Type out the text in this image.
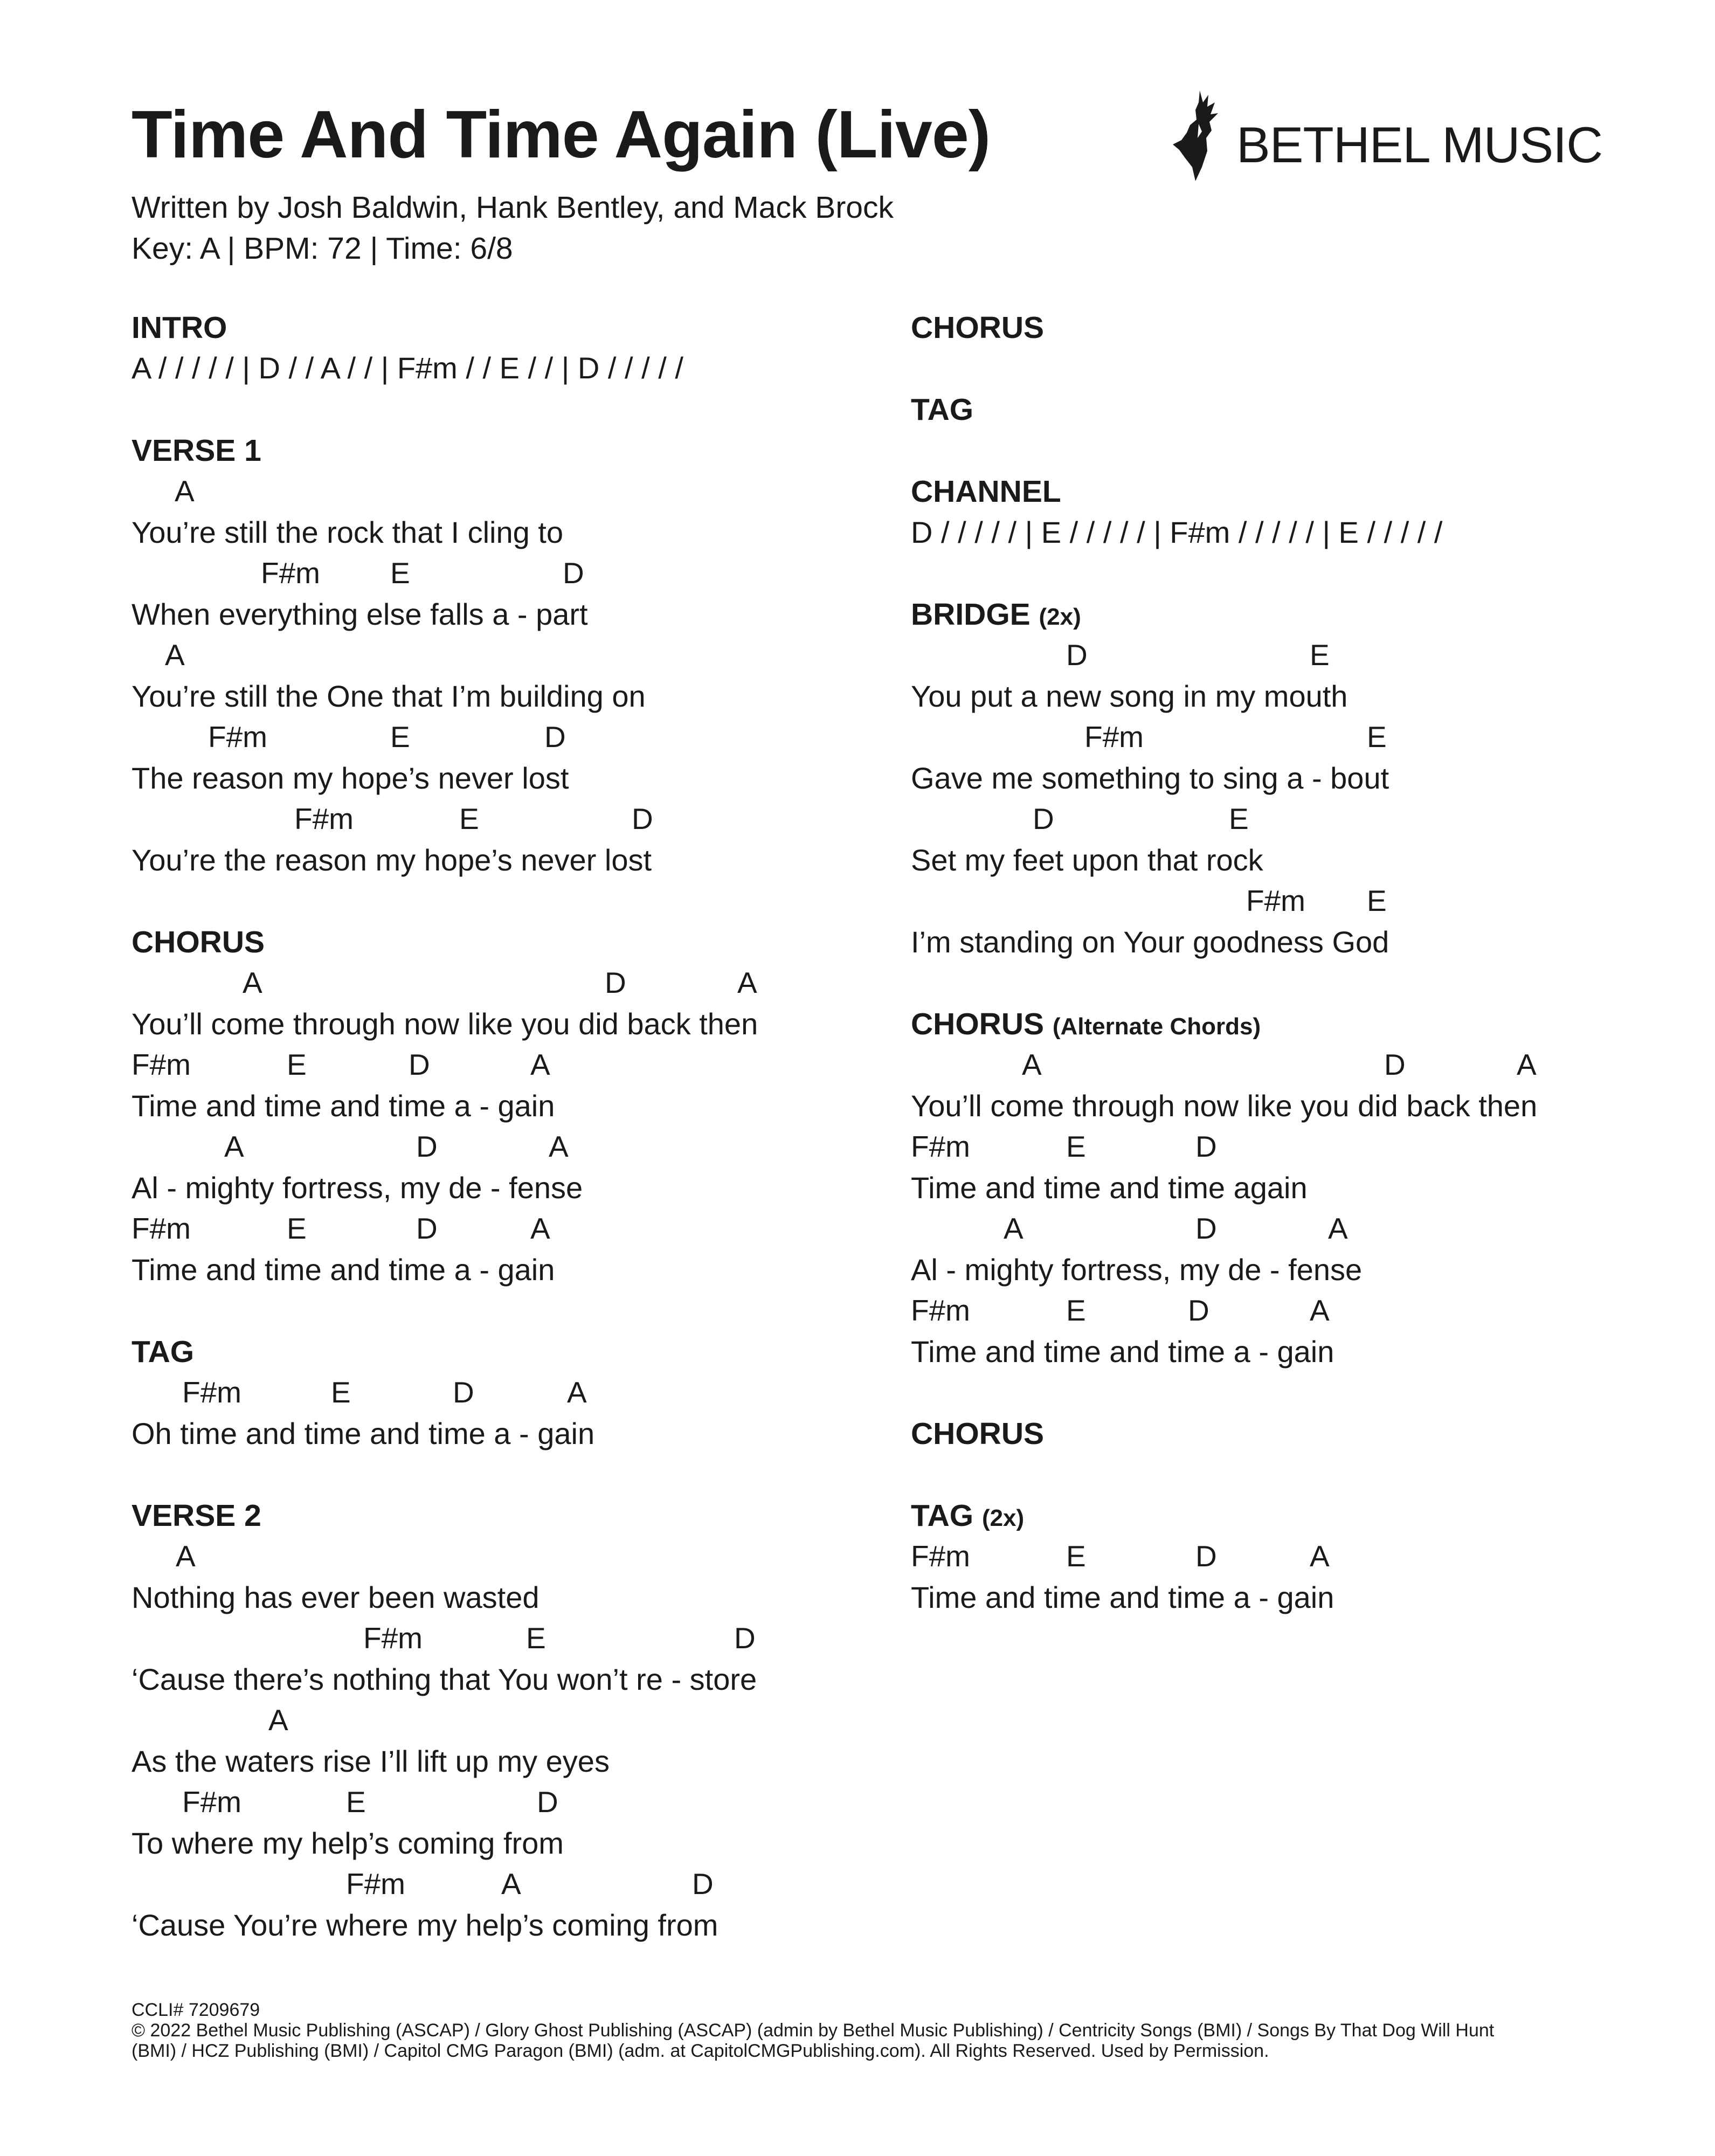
Time And Time Again (Live)
Written by Josh Baldwin, Hank Bentley, and Mack Brock
Key: A | BPM: 72 | Time: 6/8
BETHEL MUSIC
INTRO
A / / / / / | D / / A / / | F#m / / E / / | D / / / / /
VERSE 1
A
You’re still the rock that I cling to
F#m E	D
When everything else falls a - part
A
You’re still the One that I’m building on
F#m	E	D
The reason my hope’s never lost
F#m	E	D
You’re the reason my hope’s never lost
CHORUS
A	D	A
You’ll come through now like you did back then
F#m	E	D	A
Time and time and time a - gain
A	D	A
Al - mighty fortress, my de - fense
F#m	E	D	A
Time and time and time a - gain
TAG
F#m	E	D	A
Oh time and time and time a - gain
VERSE 2
A
Nothing has ever been wasted
F#m	E	D
‘Cause there’s nothing that You won’t re - store
A
As the waters rise I’ll lift up my eyes
F#m	E	D
To where my help’s coming from
F#m	A	D
‘Cause You’re where my help’s coming from
CHORUS
TAG
CHANNEL
D / / / / / | E / / / / / | F#m / / / / / | E / / / / /
BRIDGE (2x)
D	E
You put a new song in my mouth
F#m	E
Gave me something to sing a - bout
D	E
Set my feet upon that rock
F#m E
I’m standing on Your goodness God
CHORUS (Alternate Chords)
A	D	A
You’ll come through now like you did back then
F#m	E	D
Time and time and time again
A	D	A
Al - mighty fortress, my de - fense
F#m	E	D	A
Time and time and time a - gain
CHORUS
TAG (2x)
F#m	E	D	A
Time and time and time a - gain
CCLI# 7209679
© 2022 Bethel Music Publishing (ASCAP) / Glory Ghost Publishing (ASCAP) (admin by Bethel Music Publishing) / Centricity Songs (BMI) / Songs By That Dog Will Hunt
(BMI) / HCZ Publishing (BMI) / Capitol CMG Paragon (BMI) (adm. at CapitolCMGPublishing.com). All Rights Reserved. Used by Permission.
